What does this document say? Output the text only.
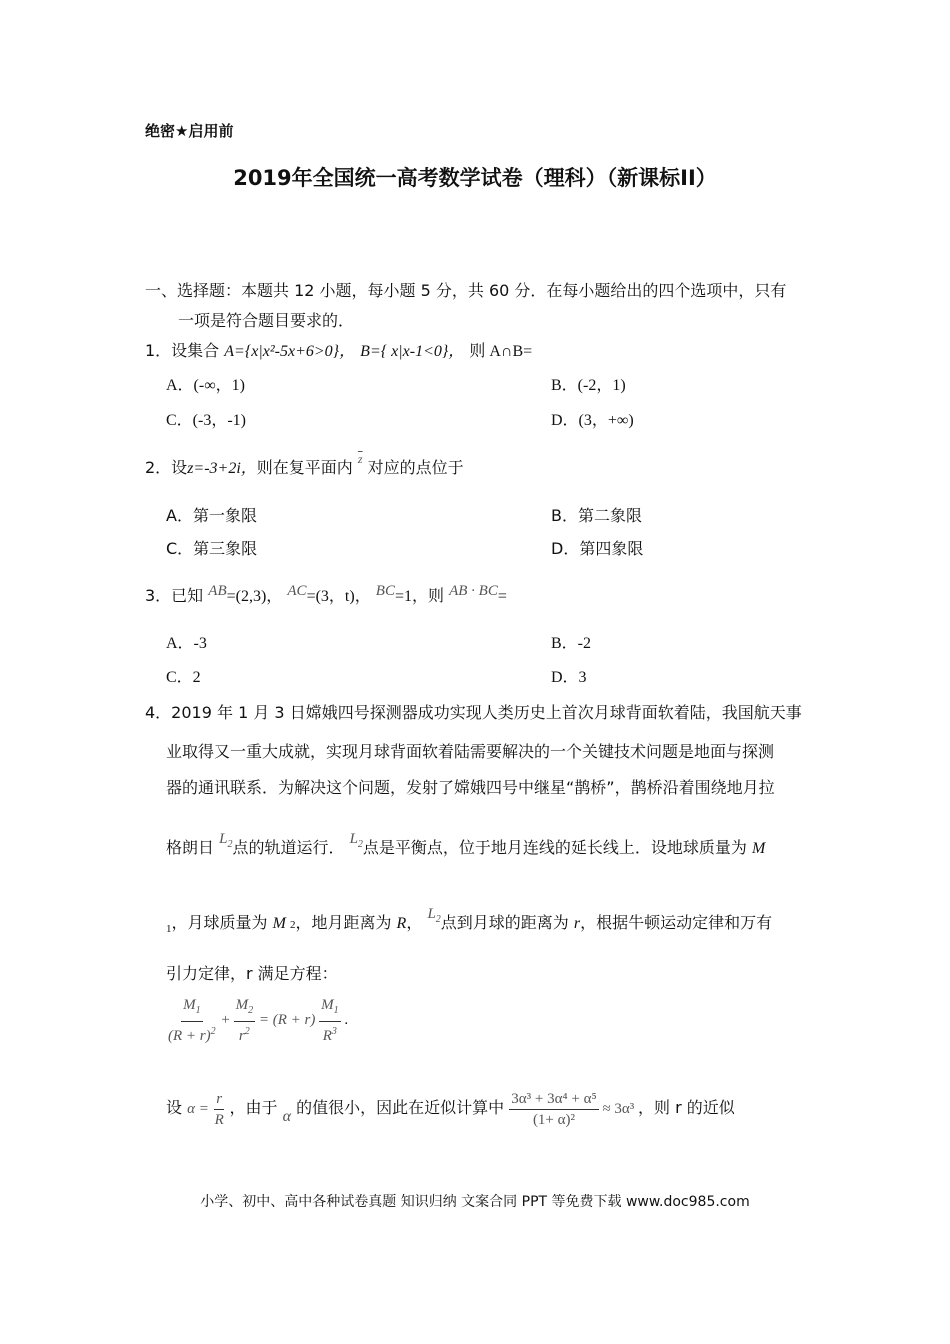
绝密★启用前
2019年全国统一高考数学试卷（理科）（新课标II）
一、选择题：本题共 12 小题，每小题 5 分，共 60 分．在每小题给出的四个选项中，只有
一项是符合题目要求的．
1．设集合 A={x|x²-5x+6>0}， B={ x|x-1<0}， 则 A∩B=
A．(-∞，1)	B．(-2，1)
C．(-3，-1)	D．(3，+∞)
2．设z=-3+2i，则在复平面内 $^{\overline{z}}$ 对应的点位于
A．第一象限	B．第二象限
C．第三象限	D．第四象限
3．已知 AB=(2,3)， AC=(3，t)， BC=1，则 AB · BC=
A．-3	B．-2
C．2	D．3
4．2019 年 1 月 3 日嫦娥四号探测器成功实现人类历史上首次月球背面软着陆，我国航天事
业取得又一重大成就，实现月球背面软着陆需要解决的一个关键技术问题是地面与探测
器的通讯联系．为解决这个问题，发射了嫦娥四号中继星“鹊桥”，鹊桥沿着围绕地月拉
格朗日 $L_2$点的轨道运行． $L_2$点是平衡点，位于地月连线的延长线上．设地球质量为 M
$_1$，月球质量为 M 2，地月距离为 R， $L_2$点到月球的距离为 r，根据牛顿运动定律和万有
引力定律，r 满足方程：
$\frac{M_1}{(R + r)^2} + \frac{M_2}{r^2} = (R + r) \frac{M_1}{R^3}$ .
设 $\alpha = \frac{r}{R}$ ，由于 α 的值很小，因此在近似计算中 $\frac{\text{3α³ + 3α⁴ + α⁵}}{\text{(1+ α)²}} \approx 3\alpha^3$ ，则 r 的近似
小学、初中、高中各种试卷真题 知识归纳 文案合同 PPT 等免费下载 www.doc985.com
